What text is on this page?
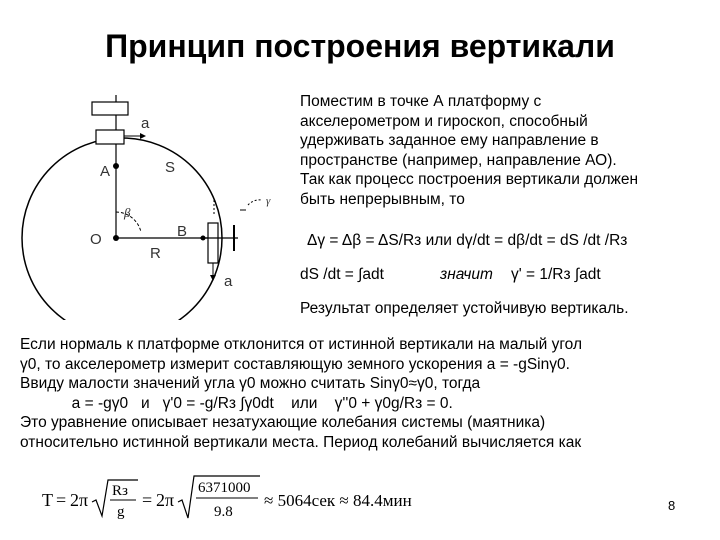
Принцип построения вертикали
a
A	S
β
γ
O	B
R
a
Поместим в точке А платформу с
акселерометром и гироскоп, способный
удерживать заданное ему направление в
пространстве (например, направление АО).
Так как процесс построения вертикали должен
быть непрерывным, то
Δγ = Δβ = ΔS/Rз или dγ/dt = dβ/dt = dS /dt /Rз
dS /dt = ∫adt	значит γ' = 1/Rз ∫adt
Результат определяет устойчивую вертикаль.
Если нормаль к платформе отклонится от истинной вертикали на малый угол
γ0, то акселерометр измерит составляющую земного ускорения a = -gSinγ0.
Ввиду малости значений угла γ0 можно считать Sinγ0≈γ0, тогда
a = -gγ0   и   γ'0 = -g/Rз ∫γ0dt    или    γ''0 + γ0g/Rз = 0.
Это уравнение описывает незатухающие колебания системы (маятника)
относительно истинной вертикали места. Период колебаний вычисляется как
T = 2π Rз
g
= 2π
6371000
9.8
≈ 5064сек ≈ 84.4мин	8
